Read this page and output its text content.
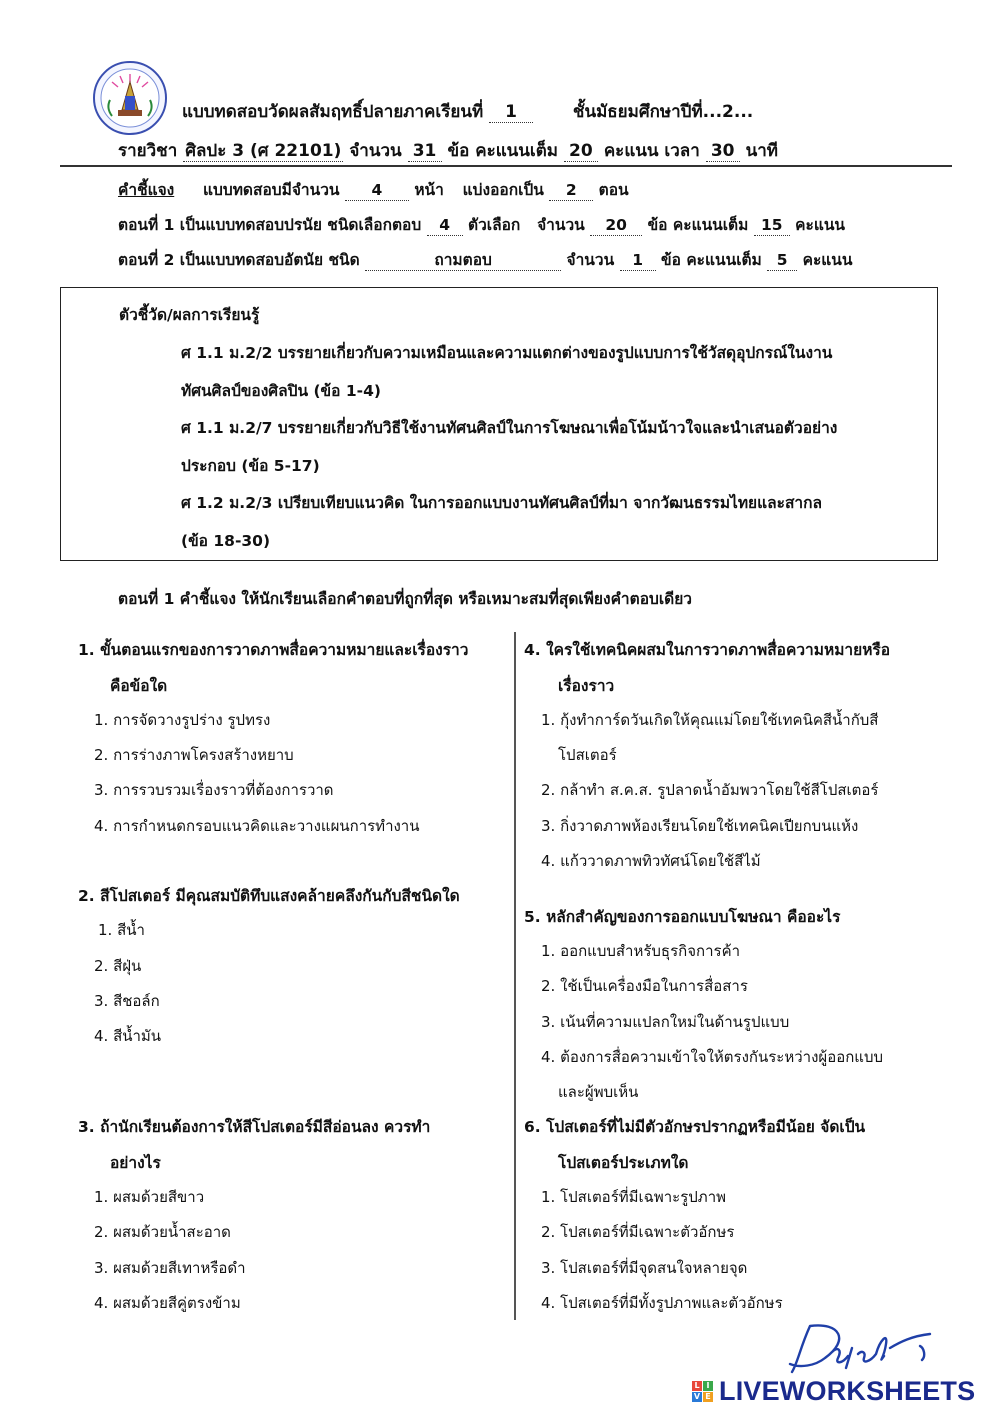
แบบทดสอบวัดผลสัมฤทธิ์ปลายภาคเรียนที่ 1	ชั้นมัธยมศึกษาปีที่...2...
รายวิชา ศิลปะ 3 (ศ 22101) จำนวน 31 ข้อ คะแนนเต็ม 20 คะแนน เวลา 30 นาที
คำชี้แจง แบบทดสอบมีจำนวน 4 หน้า แบ่งออกเป็น 2 ตอน
ตอนที่ 1 เป็นแบบทดสอบปรนัย ชนิดเลือกตอบ 4 ตัวเลือก จำนวน 20 ข้อ คะแนนเต็ม 15 คะแนน
ตอนที่ 2 เป็นแบบทดสอบอัตนัย ชนิด	ถามตอบ	จำนวน 1 ข้อ คะแนนเต็ม 5 คะแนน
ตัวชี้วัด/ผลการเรียนรู้
ศ 1.1 ม.2/2 บรรยายเกี่ยวกับความเหมือนและความแตกต่างของรูปแบบการใช้วัสดุอุปกรณ์ในงาน
ทัศนศิลป์ของศิลปิน (ข้อ 1-4)
ศ 1.1 ม.2/7 บรรยายเกี่ยวกับวิธีใช้งานทัศนศิลป์ในการโฆษณาเพื่อโน้มน้าวใจและนำเสนอตัวอย่าง
ประกอบ (ข้อ 5-17)
ศ 1.2 ม.2/3 เปรียบเทียบแนวคิด ในการออกแบบงานทัศนศิลป์ที่มา จากวัฒนธรรมไทยและสากล
(ข้อ 18-30)
ตอนที่ 1 คำชี้แจง ให้นักเรียนเลือกคำตอบที่ถูกที่สุด หรือเหมาะสมที่สุดเพียงคำตอบเดียว
1. ขั้นตอนแรกของการวาดภาพสื่อความหมายและเรื่องราว
คือข้อใด
1. การจัดวางรูปร่าง รูปทรง
2. การร่างภาพโครงสร้างหยาบ
3. การรวบรวมเรื่องราวที่ต้องการวาด
4. การกำหนดกรอบแนวคิดและวางแผนการทำงาน
2. สีโปสเตอร์ มีคุณสมบัติทึบแสงคล้ายคลึงกันกับสีชนิดใด
1. สีน้ำ
2. สีฝุ่น
3. สีชอล์ก
4. สีน้ำมัน
3. ถ้านักเรียนต้องการให้สีโปสเตอร์มีสีอ่อนลง ควรทำ
อย่างไร
1. ผสมด้วยสีขาว
2. ผสมด้วยน้ำสะอาด
3. ผสมด้วยสีเทาหรือดำ
4. ผสมด้วยสีคู่ตรงข้าม
4. ใครใช้เทคนิคผสมในการวาดภาพสื่อความหมายหรือ
เรื่องราว
1. กุ้งทำการ์ดวันเกิดให้คุณแม่โดยใช้เทคนิคสีน้ำกับสี
โปสเตอร์
2. กล้าทำ ส.ค.ส. รูปลาดน้ำอัมพวาโดยใช้สีโปสเตอร์
3. กิ่งวาดภาพห้องเรียนโดยใช้เทคนิคเปียกบนแห้ง
4. แก้ววาดภาพทิวทัศน์โดยใช้สีไม้
5. หลักสำคัญของการออกแบบโฆษณา คืออะไร
1. ออกแบบสำหรับธุรกิจการค้า
2. ใช้เป็นเครื่องมือในการสื่อสาร
3. เน้นที่ความแปลกใหม่ในด้านรูปแบบ
4. ต้องการสื่อความเข้าใจให้ตรงกันระหว่างผู้ออกแบบ
และผู้พบเห็น
6. โปสเตอร์ที่ไม่มีตัวอักษรปรากฏหรือมีน้อย จัดเป็น
โปสเตอร์ประเภทใด
1. โปสเตอร์ที่มีเฉพาะรูปภาพ
2. โปสเตอร์ที่มีเฉพาะตัวอักษร
3. โปสเตอร์ที่มีจุดสนใจหลายจุด
4. โปสเตอร์ที่มีทั้งรูปภาพและตัวอักษร
L I
V E LIVEWORKSHEETS
